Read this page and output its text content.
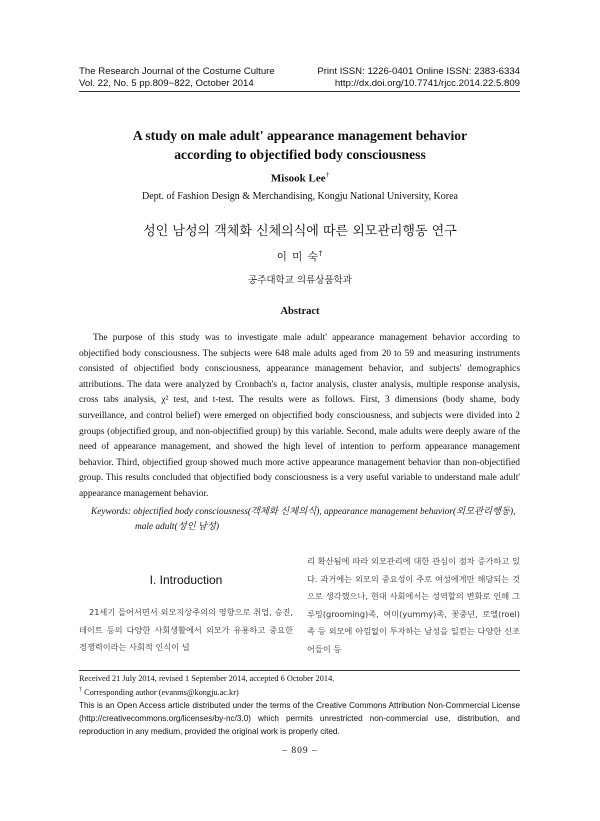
The Research Journal of the Costume Culture	Print ISSN: 1226-0401 Online ISSN: 2383-6334
Vol. 22, No. 5 pp.809~822, October 2014	http://dx.doi.org/10.7741/rjcc.2014.22.5.809
A study on male adult' appearance management behavior
according to objectified body consciousness
Misook Lee†
Dept. of Fashion Design & Merchandising, Kongju National University, Korea
성인 남성의 객체화 신체의식에 따른 외모관리행동 연구
이 미 숙†
공주대학교 의류상품학과
Abstract
The purpose of this study was to investigate male adult' appearance management behavior according to objectified body consciousness. The subjects were 648 male adults aged from 20 to 59 and measuring instruments consisted of objectified body consciousness, appearance management behavior, and subjects' demographics attributions. The data were analyzed by Cronbach's α, factor analysis, cluster analysis, multiple response analysis, cross tabs analysis, χ² test, and t-test. The results were as follows. First, 3 dimensions (body shame, body surveillance, and control belief) were emerged on objectified body consciousness, and subjects were divided into 2 groups (objectified group, and non-objectified group) by this variable. Second, male adults were deeply aware of the need of appearance management, and showed the high level of intention to perform appearance management behavior. Third, objectified group showed much more active appearance management behavior than non-objectified group. This results concluded that objectified body consciousness is a very useful variable to understand male adult' appearance management behavior.
Keywords: objectified body consciousness(객체화 신체의식), appearance management behavior(외모관리행동),
male adult(성인 남성)
I. Introduction
21세기 들어서면서 외모지상주의의 영향으로 취업, 승진, 데이트 등의 다양한 사회생활에서 외모가 유용하고 중요한 경쟁력이라는 사회적 인식이 널
리 확산됨에 따라 외모관리에 대한 관심이 점차 증가하고 있다. 과거에는 외모의 중요성이 주로 여성에게만 해당되는 것으로 생각했으나, 현대 사회에서는 성역할의 변화로 인해 그루밍(grooming)족, 여미(yummy)족, 꽃중년, 로엘(roel)족 등 외모에 아낌없이 투자하는 남성을 일컫는 다양한 신조어들이 등
Received 21 July 2014, revised 1 September 2014, accepted 6 October 2014.
† Corresponding author (evanms@kongju.ac.kr)
This is an Open Access article distributed under the terms of the Creative Commons Attribution Non-Commercial License (http://creativecommons.org/licenses/by-nc/3.0) which permits unrestricted non-commercial use, distribution, and reproduction in any medium, provided the original work is properly cited.
– 809 –
